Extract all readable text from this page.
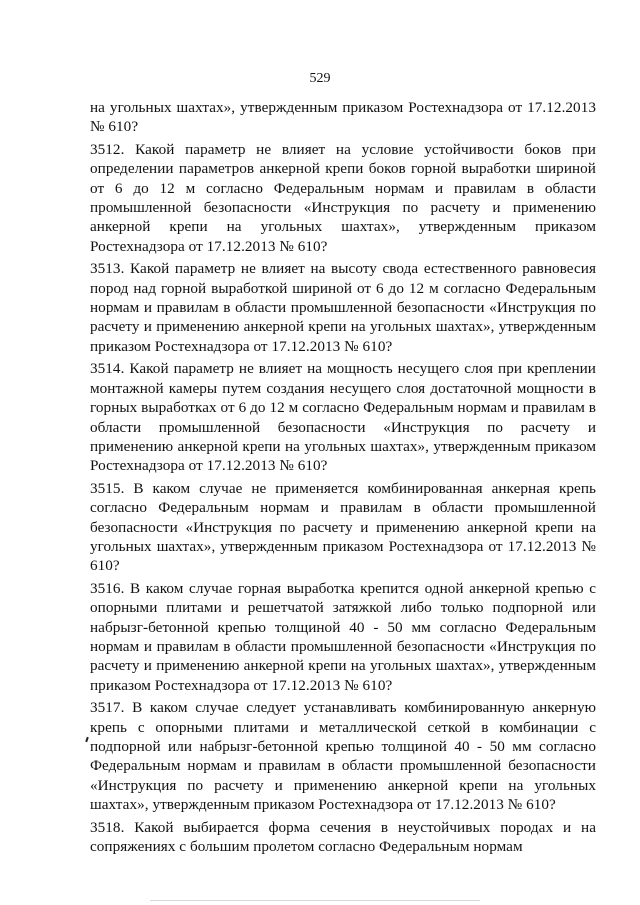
529

на угольных шахтах», утвержденным приказом Ростехнадзора от 17.12.2013 № 610?

3512. Какой параметр не влияет на условие устойчивости боков при определении параметров анкерной крепи боков горной выработки шириной от 6 до 12 м согласно Федеральным нормам и правилам в области промышленной безопасности «Инструкция по расчету и применению анкерной крепи на угольных шахтах», утвержденным приказом Ростехнадзора от 17.12.2013 № 610?

3513. Какой параметр не влияет на высоту свода естественного равновесия пород над горной выработкой шириной от 6 до 12 м согласно Федеральным нормам и правилам в области промышленной безопасности «Инструкция по расчету и применению анкерной крепи на угольных шахтах», утвержденным приказом Ростехнадзора от 17.12.2013 № 610?

3514. Какой параметр не влияет на мощность несущего слоя при креплении монтажной камеры путем создания несущего слоя достаточной мощности в горных выработках от 6 до 12 м согласно Федеральным нормам и правилам в области промышленной безопасности «Инструкция по расчету и применению анкерной крепи на угольных шахтах», утвержденным приказом Ростехнадзора от 17.12.2013 № 610?

3515. В каком случае не применяется комбинированная анкерная крепь согласно Федеральным нормам и правилам в области промышленной безопасности «Инструкция по расчету и применению анкерной крепи на угольных шахтах», утвержденным приказом Ростехнадзора от 17.12.2013 № 610?

3516. В каком случае горная выработка крепится одной анкерной крепью с опорными плитами и решетчатой затяжкой либо только подпорной или набрызг-бетонной крепью толщиной 40 - 50 мм согласно Федеральным нормам и правилам в области промышленной безопасности «Инструкция по расчету и применению анкерной крепи на угольных шахтах», утвержденным приказом Ростехнадзора от 17.12.2013 № 610?

3517. В каком случае следует устанавливать комбинированную анкерную крепь с опорными плитами и металлической сеткой в комбинации с подпорной или набрызг-бетонной крепью толщиной 40 - 50 мм согласно Федеральным нормам и правилам в области промышленной безопасности «Инструкция по расчету и применению анкерной крепи на угольных шахтах», утвержденным приказом Ростехнадзора от 17.12.2013 № 610?

3518. Какой выбирается форма сечения в неустойчивых породах и на сопряжениях с большим пролетом согласно Федеральным нормам
